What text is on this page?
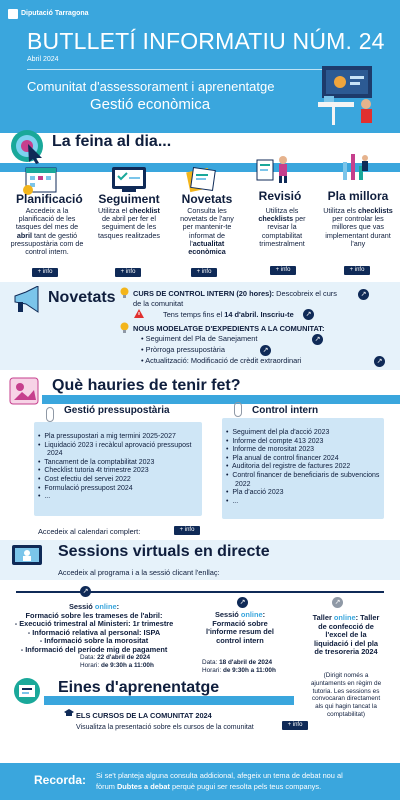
Diputació Tarragona
BUTLLETÍ INFORMATIU NÚM. 24
Abril 2024
Comunitat d'assessorament i aprenentatge
Gestió econòmica
La feina al dia...
Planificació Seguiment	Novetats	Revisió	Pla millora
Accedeix a la planificació de les tasques del mes de abril tant de gestió pressupostària com de control intern.
Utilitza el checklist de abril per fer el seguiment de les tasques realitzades
Consulta les novetats de l'any per mantenir-te informat de l'actualitat econòmica
Utilitza els checklists per revisar la comptabilitat trimestralment
Utilitza els checklists per controlar les millores que vas implementant durant l'any
+ info	+ info	+ info	+ info	+ info
Novetats CURS DE CONTROL INTERN (20 hores): Descobreix el curs
de la comunitat
↗
Tens temps fins el 14 d'abril. Inscriu-te	↗
NOUS MODELATGE D'EXPEDIENTS A LA COMUNITAT:
• Seguiment del Pla de Sanejament
• Pròrroga pressupostària
• Actualització: Modificació de crèdit extraordinari
↗
↗
↗
Què hauries de tenir fet?
Gestió pressupostària	Control intern
•  Pla pressupostari a mig termini 2025-2027
•  Liquidació 2023 i recàlcul aprovació pressupost 2024
•  Tancament de la comptabilitat 2023
•  Checklist tutoria 4t trimestre 2023
•  Cost efectiu del servei 2022
•  Formulació pressupost 2024
•  ...
•  Seguiment del pla d'acció 2023
•  Informe del compte 413 2023
•  Informe de morositat 2023
•  Pla anual de control financer 2024
•  Auditoria del registre de factures 2022
•  Control financer de beneficiaris de subvencions 2022
•  Pla d'acció 2023
•  ...
Accedeix al calendari complert:	+ info
Sessions virtuals en directe
Accedeix al programa i a la sessió clicant l'enllaç:
↗
↗	↗
Sessió online:
Formació sobre les trameses de l'abril:
- Execució trimestral al Ministeri: 1r trimestre
- Informació relativa al personal: ISPA
- Informació sobre la morositat
- Informació del període mig de pagament
Data: 22 d'abril de 2024
Horari: de 9:30h a 11:00h
Sessió online:
Formació sobre
l'informe resum del
control intern
Data: 18 d'abril de 2024
Horari: de 9:30h a 11:00h
Taller online: Taller
de confecció de
l'excel de la
liquidació i del pla
de tresoreria 2024
(Dirigit només a
ajuntaments en règim de
tutoria. Les sessions es
convocaran directament
als qui hagin tancat la
comptabilitat)
Eines d'aprenentatge
ELS CURSOS DE LA COMUNITAT 2024
Visualitza la presentació sobre els cursos de la comunitat	+ info
Recorda: Si se't planteja alguna consulta addicional, afegeix un tema de debat nou al
fòrum Dubtes a debat perquè pugui ser resolta pels teus companys.
